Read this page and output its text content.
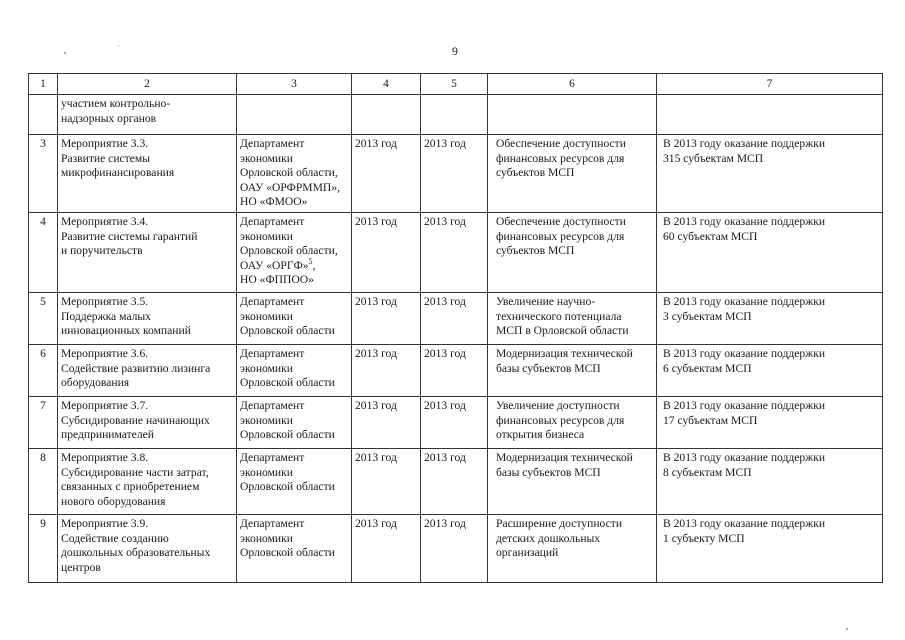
9
1	2	3	4	5	6	7
	участием контрольно-
надзорных органов					
3	Мероприятие 3.3.
Развитие системы
микрофинансирования	Департамент
экономики
Орловской области,
ОАУ «ОРФРММП»,
НО «ФМОО»	2013 год	2013 год	Обеспечение доступности
финансовых ресурсов для
субъектов МСП	В 2013 году оказание поддержки
315 субъектам МСП
4	Мероприятие 3.4.
Развитие системы гарантий
и поручительств	Департамент
экономики
Орловской области,
ОАУ «ОРГФ»$^5$,
НО «ФППОО»	2013 год	2013 год	Обеспечение доступности
финансовых ресурсов для
субъектов МСП	В 2013 году оказание поддержки
60 субъектам МСП
5	Мероприятие 3.5.
Поддержка малых
инновационных компаний	Департамент
экономики
Орловской области	2013 год	2013 год	Увеличение научно-
технического потенциала
МСП в Орловской области	В 2013 году оказание поддержки
3 субъектам МСП
6	Мероприятие 3.6.
Содействие развитию лизинга
оборудования	Департамент
экономики
Орловской области	2013 год	2013 год	Модернизация технической
базы субъектов МСП	В 2013 году оказание поддержки
6 субъектам МСП
7	Мероприятие 3.7.
Субсидирование начинающих
предпринимателей	Департамент
экономики
Орловской области	2013 год	2013 год	Увеличение доступности
финансовых ресурсов для
открытия бизнеса	В 2013 году оказание поддержки
17 субъектам МСП
8	Мероприятие 3.8.
Субсидирование части затрат,
связанных с приобретением
нового оборудования	Департамент
экономики
Орловской области	2013 год	2013 год	Модернизация технической
базы субъектов МСП	В 2013 году оказание поддержки
8 субъектам МСП
9	Мероприятие 3.9.
Содействие созданию
дошкольных образовательных
центров	Департамент
экономики
Орловской области	2013 год	2013 год	Расширение доступности
детских дошкольных
организаций	В 2013 году оказание поддержки
1 субъекту МСП
